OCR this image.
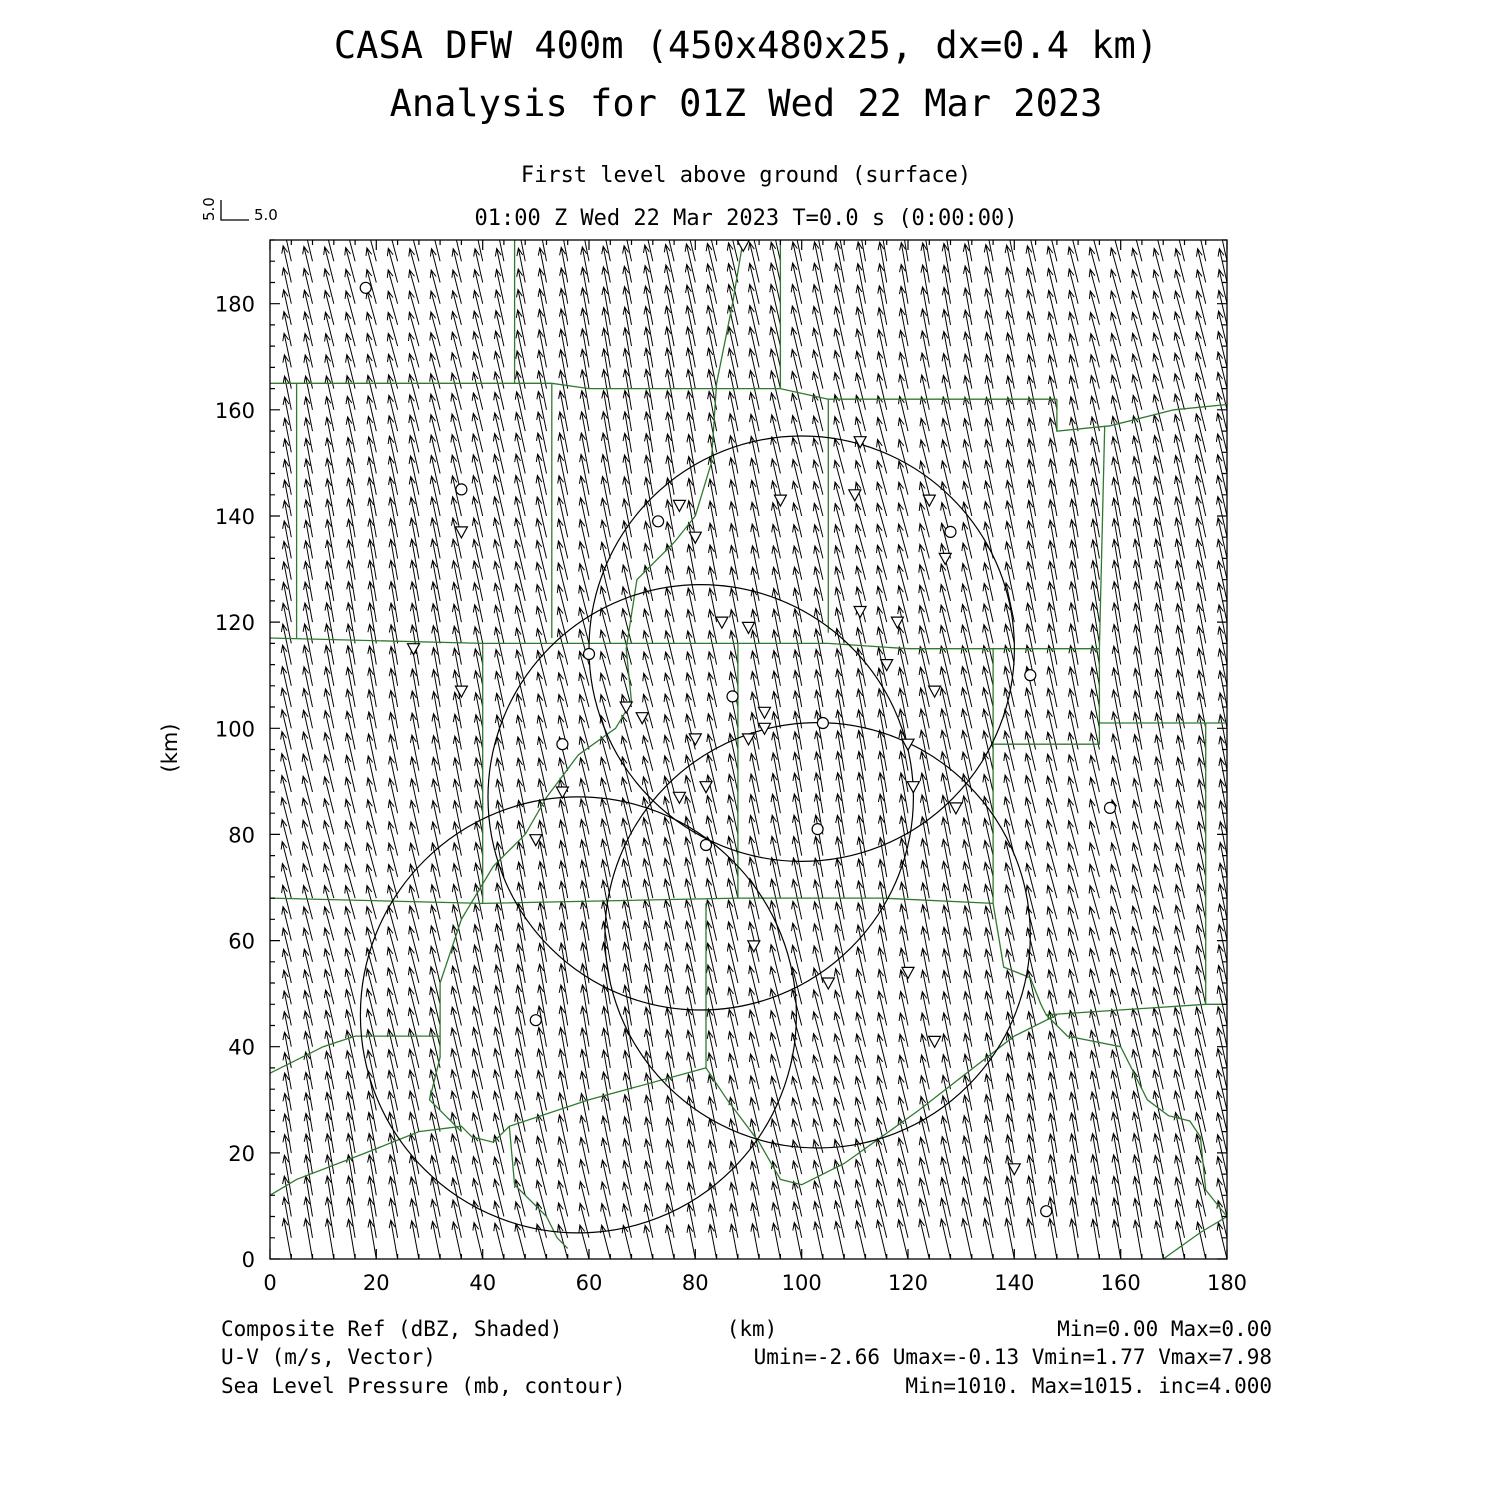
CASA DFW 400m (450x480x25, dx=0.4 km)
Analysis for 01Z Wed 22 Mar 2023
First level above ground (surface)
01:00 Z Wed 22 Mar 2023 T=0.0 s (0:00:00)
5.0
5.0
0	20	40	60	80	100	120	140	160	180
0
20
40
60
80
100
120
140
160
180
(km)
Composite Ref (dBZ, Shaded)
U-V (m/s, Vector)
Sea Level Pressure (mb, contour)
(km)	Min=0.00 Max=0.00
Umin=-2.66 Umax=-0.13 Vmin=1.77 Vmax=7.98
Min=1010. Max=1015. inc=4.000
